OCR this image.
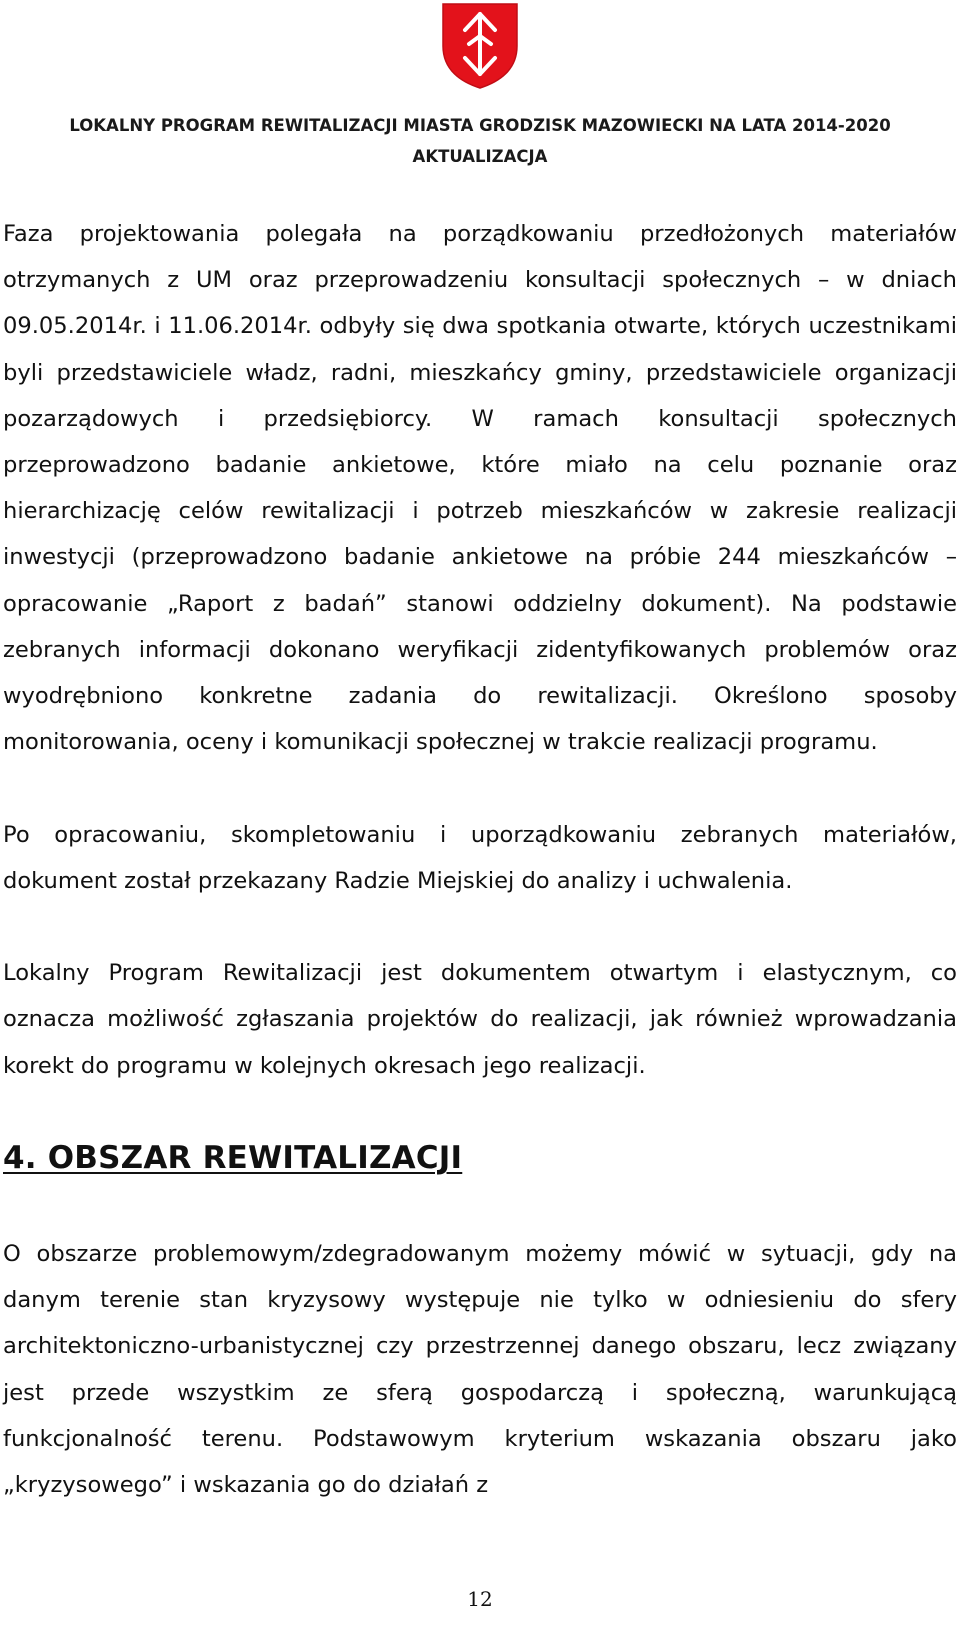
LOKALNY PROGRAM REWITALIZACJI MIASTA GRODZISK MAZOWIECKI NA LATA 2014-2020
AKTUALIZACJA

Faza projektowania polegała na porządkowaniu przedłożonych materiałów otrzymanych z UM oraz przeprowadzeniu konsultacji społecznych – w dniach 09.05.2014r. i 11.06.2014r. odbyły się dwa spotkania otwarte, których uczestnikami byli przedstawiciele władz, radni, mieszkańcy gminy, przedstawiciele organizacji pozarządowych i przedsiębiorcy. W ramach konsultacji społecznych przeprowadzono badanie ankietowe, które miało na celu poznanie oraz hierarchizację celów rewitalizacji i potrzeb mieszkańców w zakresie realizacji inwestycji (przeprowadzono badanie ankietowe na próbie 244 mieszkańców – opracowanie „Raport z badań” stanowi oddzielny dokument). Na podstawie zebranych informacji dokonano weryfikacji zidentyfikowanych problemów oraz wyodrębniono konkretne zadania do rewitalizacji. Określono sposoby monitorowania, oceny i komunikacji społecznej w trakcie realizacji programu.

Po opracowaniu, skompletowaniu i uporządkowaniu zebranych materiałów, dokument został przekazany Radzie Miejskiej do analizy i uchwalenia.

Lokalny Program Rewitalizacji jest dokumentem otwartym i elastycznym, co oznacza możliwość zgłaszania projektów do realizacji, jak również wprowadzania korekt do programu w kolejnych okresach jego realizacji.

4. OBSZAR REWITALIZACJI

O obszarze problemowym/zdegradowanym możemy mówić w sytuacji, gdy na danym terenie stan kryzysowy występuje nie tylko w odniesieniu do sfery architektoniczno-urbanistycznej czy przestrzennej danego obszaru, lecz związany jest przede wszystkim ze sferą gospodarczą i społeczną, warunkującą funkcjonalność terenu. Podstawowym kryterium wskazania obszaru jako „kryzysowego” i wskazania go do działań z

12
